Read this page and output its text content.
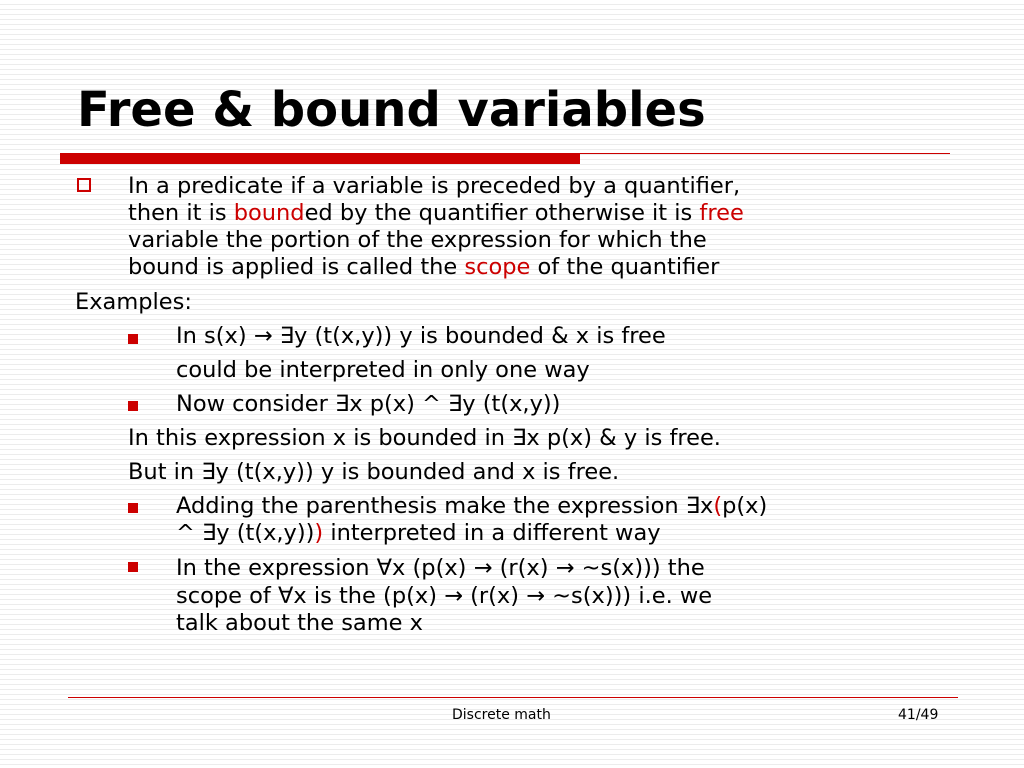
Free & bound variables
In a predicate if a variable is preceded by a quantifier,
then it is bounded by the quantifier otherwise it is free
variable the portion of the expression for which the
bound is applied is called the scope of the quantifier
Examples:
In s(x) → ∃y (t(x,y)) y is bounded & x is free
could be interpreted in only one way
Now consider ∃x p(x) ^ ∃y (t(x,y))
In this expression x is bounded in ∃x p(x) & y is free.
But in ∃y (t(x,y)) y is bounded and x is free.
Adding the parenthesis make the expression ∃x(p(x)
^ ∃y (t(x,y))) interpreted in a different way
In the expression ∀x (p(x) → (r(x) → ~s(x))) the
scope of ∀x is the (p(x) → (r(x) → ~s(x))) i.e. we
talk about the same x
Discrete math	41/49
